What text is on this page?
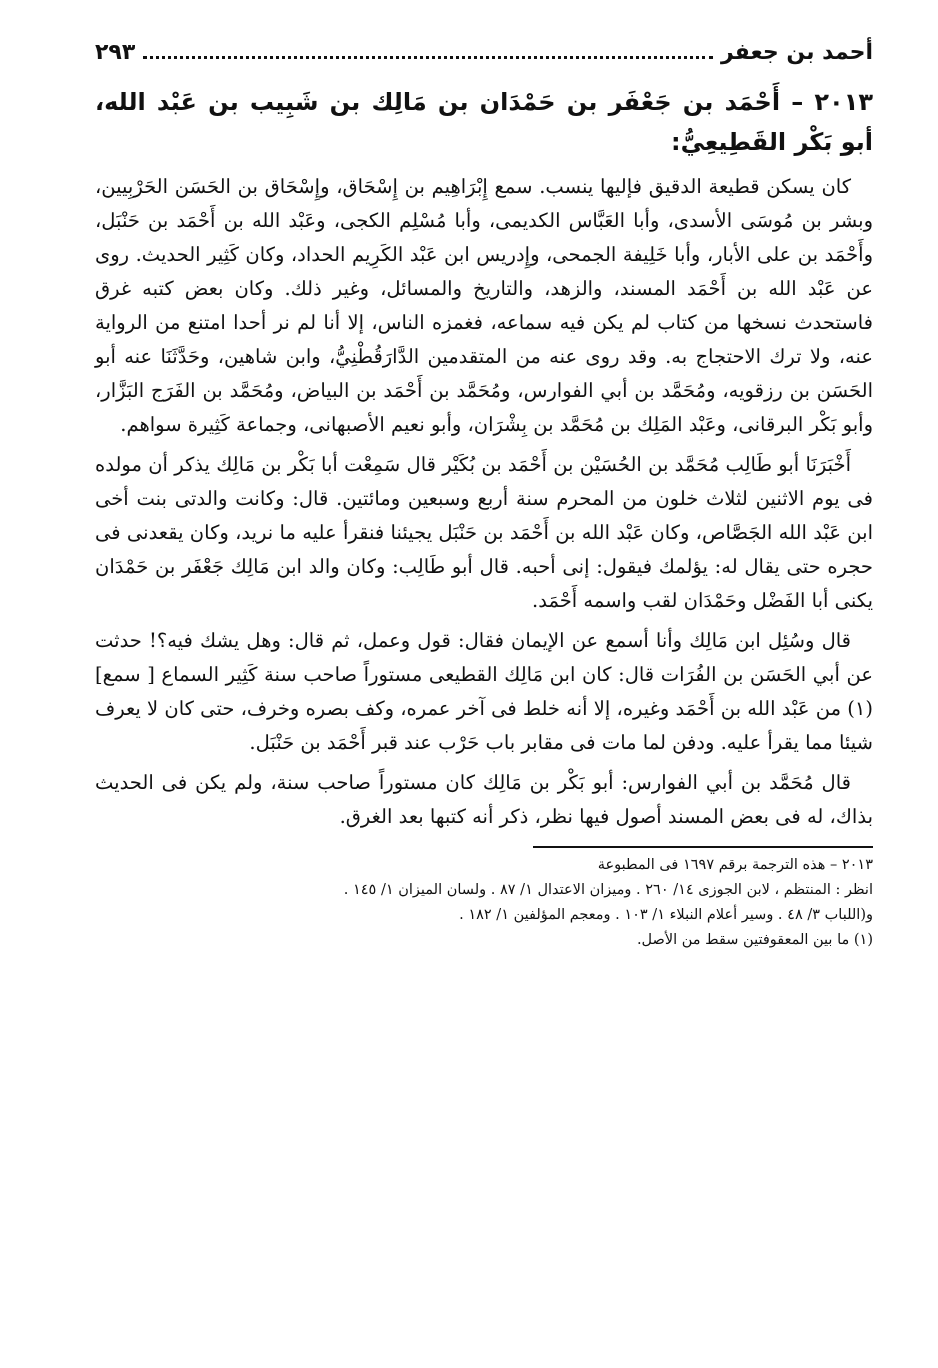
أحمد بن جعفر
٢٩٣
٢٠١٣ – أَحْمَد بن جَعْفَر بن حَمْدَان بن مَالِك بن شَبِيب بن عَبْد الله، أبو بَكْر القَطِيعِيُّ:

كان يسكن قطيعة الدقيق فإليها ينسب. سمع إِبْرَاهِيم بن إِسْحَاق، وإِسْحَاق بن الحَسَن الحَرْبِيين، وبشر بن مُوسَى الأسدى، وأبا العَبَّاس الكديمى، وأبا مُسْلِم الكجى، وعَبْد الله بن أَحْمَد بن حَنْبَل، وأَحْمَد بن على الأبار، وأبا خَلِيفة الجمحى، وإِدريس ابن عَبْد الكَرِيم الحداد، وكان كَثِير الحديث. روى عن عَبْد الله بن أَحْمَد المسند، والزهد، والتاريخ والمسائل، وغير ذلك. وكان بعض كتبه غرق فاستحدث نسخها من كتاب لم يكن فيه سماعه، فغمزه الناس، إلا أنا لم نر أحدا امتنع من الرواية عنه، ولا ترك الاحتجاج به. وقد روى عنه من المتقدمين الدَّارَقُطْنِيُّ، وابن شاهين، وحَدَّثَنَا عنه أبو الحَسَن بن رزقويه، ومُحَمَّد بن أبي الفوارس، ومُحَمَّد بن أَحْمَد بن البياض، ومُحَمَّد بن الفَرَج البَزَّار، وأبو بَكْر البرقانى، وعَبْد المَلِك بن مُحَمَّد بن بِشْرَان، وأبو نعيم الأصبهانى، وجماعة كَثِيرة سواهم.

أَخْبَرَنَا أبو طَالِب مُحَمَّد بن الحُسَيْن بن أَحْمَد بن بُكَيْر قال سَمِعْت أبا بَكْر بن مَالِك يذكر أن مولده فى يوم الاثنين لثلاث خلون من المحرم سنة أربع وسبعين ومائتين. قال: وكانت والدتى بنت أخى ابن عَبْد الله الجَصَّاص، وكان عَبْد الله بن أَحْمَد بن حَنْبَل يجيئنا فنقرأ عليه ما نريد، وكان يقعدنى فى حجره حتى يقال له: يؤلمك فيقول: إنى أحبه. قال أبو طَالِب: وكان والد ابن مَالِك جَعْفَر بن حَمْدَان يكنى أبا الفَضْل وحَمْدَان لقب واسمه أَحْمَد.

قال وسُئِل ابن مَالِك وأنا أسمع عن الإيمان فقال: قول وعمل، ثم قال: وهل يشك فيه؟! حدثت عن أبي الحَسَن بن الفُرَات قال: كان ابن مَالِك القطيعى مستوراً صاحب سنة كَثِير السماع [ سمع](١) من عَبْد الله بن أَحْمَد وغيره، إلا أنه خلط فى آخر عمره، وكف بصره وخرف، حتى كان لا يعرف شيئا مما يقرأ عليه. ودفن لما مات فى مقابر باب حَرْب عند قبر أَحْمَد بن حَنْبَل.

قال مُحَمَّد بن أبي الفوارس: أبو بَكْر بن مَالِك كان مستوراً صاحب سنة، ولم يكن فى الحديث بذاك، له فى بعض المسند أصول فيها نظر، ذكر أنه كتبها بعد الغرق.

٢٠١٣ – هذه الترجمة برقم ١٦٩٧ فى المطبوعة
انظر : المنتظم ، لابن الجوزى ١٤/ ٢٦٠ . وميزان الاعتدال ١/ ٨٧ . ولسان الميزان ١/ ١٤٥ .
و(اللباب ٣/ ٤٨ . وسير أعلام النبلاء ١/ ١٠٣ . ومعجم المؤلفين ١/ ١٨٢ .
(١) ما بين المعقوفتين سقط من الأصل.
